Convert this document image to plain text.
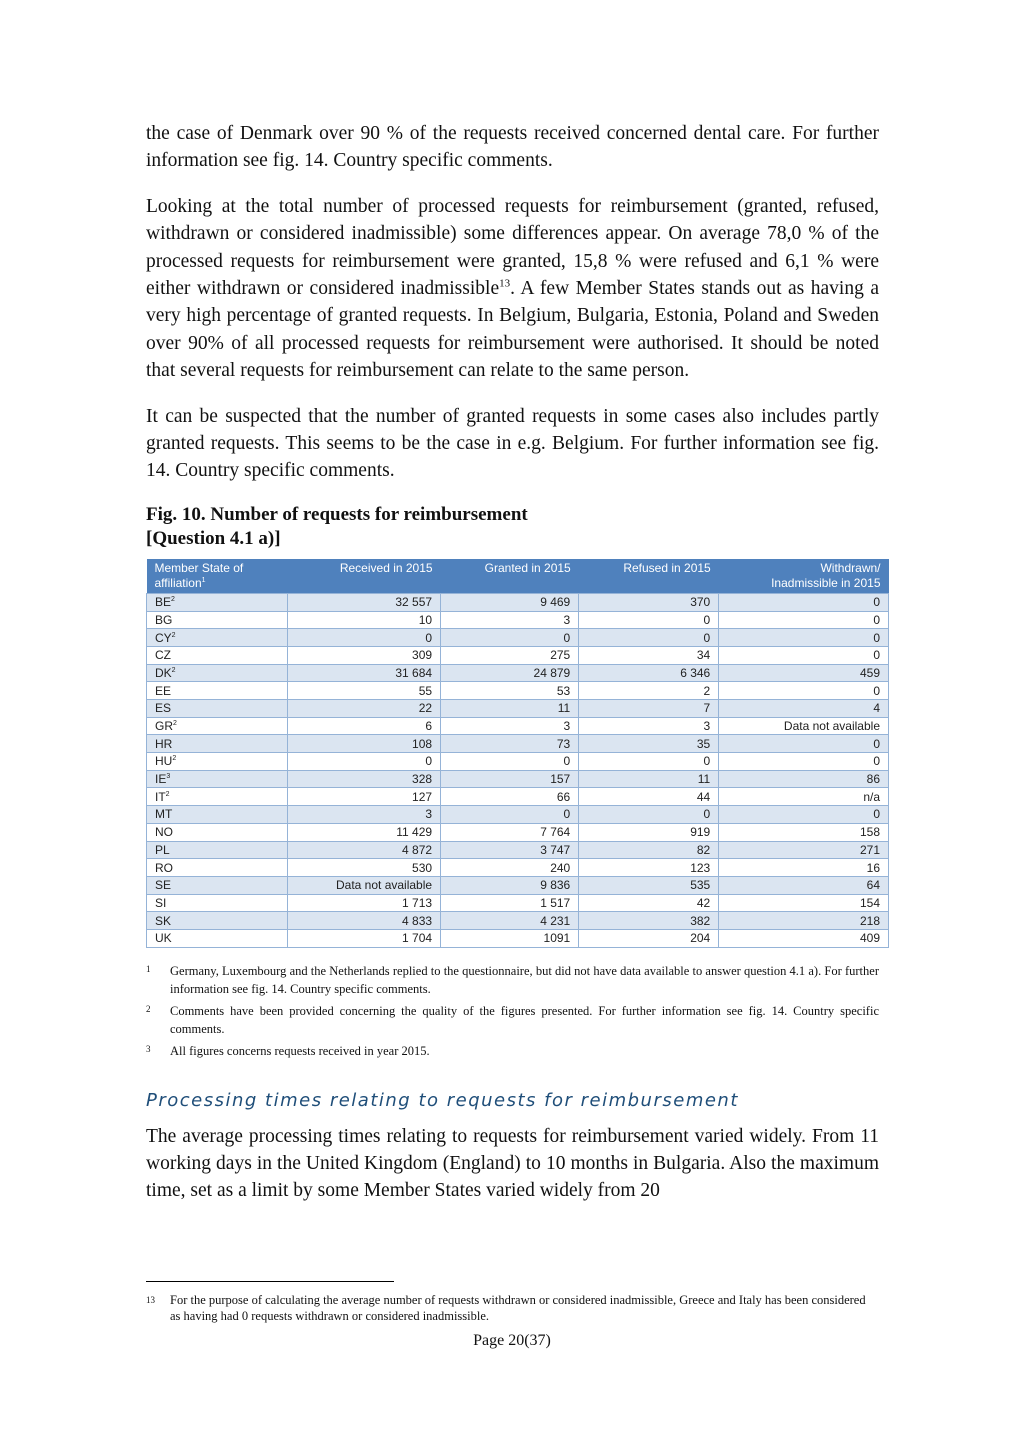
the case of Denmark over 90 % of the requests received concerned dental care. For further information see fig. 14. Country specific comments.

Looking at the total number of processed requests for reimbursement (granted, refused, withdrawn or considered inadmissible) some differences appear. On average 78,0 % of the processed requests for reimbursement were granted, 15,8 % were refused and 6,1 % were either withdrawn or considered inadmissible$^{13}$. A few Member States stands out as having a very high percentage of granted requests. In Belgium, Bulgaria, Estonia, Poland and Sweden over 90% of all processed requests for reimbursement were authorised. It should be noted that several requests for reimbursement can relate to the same person.

It can be suspected that the number of granted requests in some cases also includes partly granted requests. This seems to be the case in e.g. Belgium. For further information see fig. 14. Country specific comments.

Fig. 10. Number of requests for reimbursement
[Question 4.1 a)]
Member State of affiliation$^1$	Received in 2015	Granted in 2015	Refused in 2015	Withdrawn/
Inadmissible in 2015

$BE^2$	32 557	9 469	370	0
BG	10	3	0	0
$CY^2$	0	0	0	0
CZ	309	275	34	0
$DK^2$	31 684	24 879	6 346	459
EE	55	53	2	0
ES	22	11	7	4
$GR^2$	6	3	3	Data not available
HR	108	73	35	0
$HU^2$	0	0	0	0
$IE^3$	328	157	11	86
$IT^2$	127	66	44	n/a
MT	3	0	0	0
NO	11 429	7 764	919	158
PL	4 872	3 747	82	271
RO	530	240	123	16
SE	Data not available	9 836	535	64
SI	1 713	1 517	42	154
SK	4 833	4 231	382	218
UK	1 704	1091	204	409
1	Germany, Luxembourg and the Netherlands replied to the questionnaire, but did not have data available to answer question 4.1 a). For further information see fig. 14. Country specific comments.
2	Comments have been provided concerning the quality of the figures presented. For further information see fig. 14. Country specific comments.
3	All figures concerns requests received in year 2015.
Processing times relating to requests for reimbursement

The average processing times relating to requests for reimbursement varied widely. From 11 working days in the United Kingdom (England) to 10 months in Bulgaria. Also the maximum time, set as a limit by some Member States varied widely from 20

13	For the purpose of calculating the average number of requests withdrawn or considered inadmissible, Greece and Italy has been considered as having had 0 requests withdrawn or considered inadmissible.
Page 20(37)
